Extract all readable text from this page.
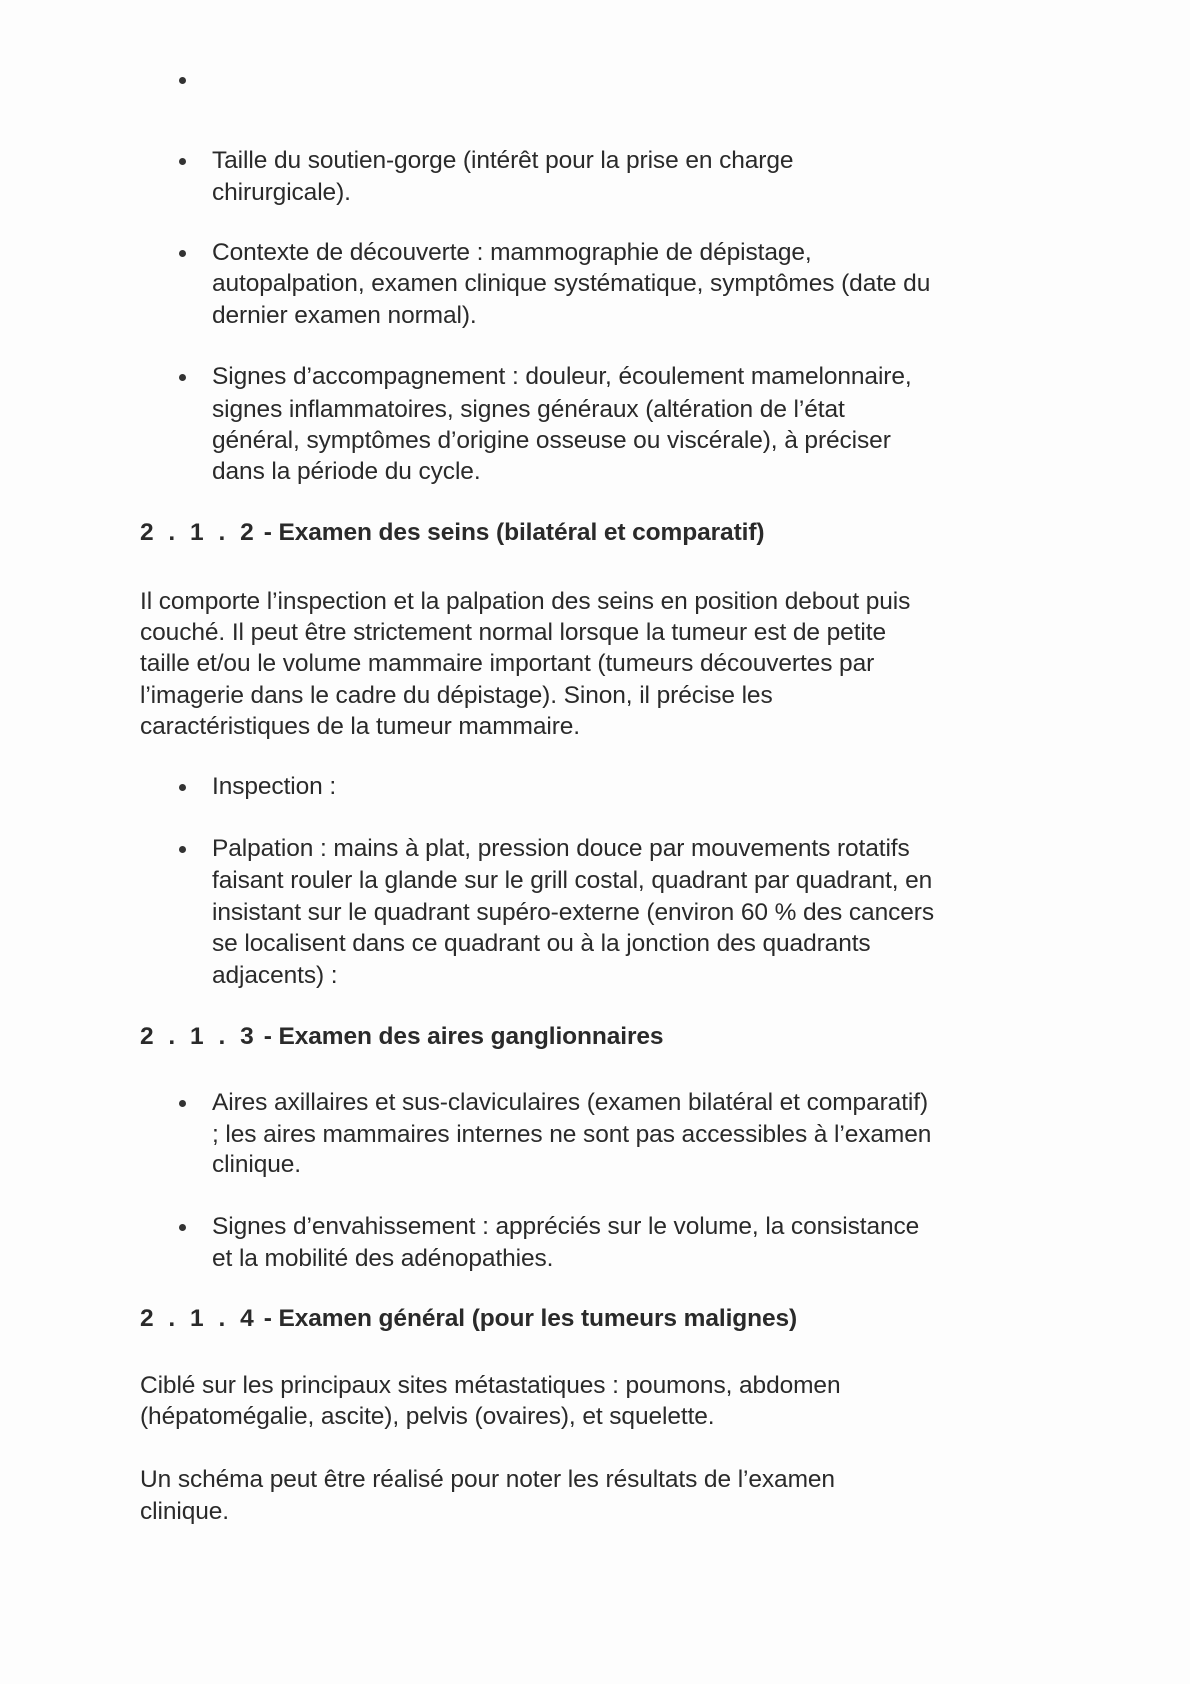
Taille du soutien-gorge (intérêt pour la prise en charge
chirurgicale).
Contexte de découverte : mammographie de dépistage,
autopalpation, examen clinique systématique, symptômes (date du
dernier examen normal).
Signes d’accompagnement : douleur, écoulement mamelonnaire,
signes inflammatoires, signes généraux (altération de l’état
général, symptômes d’origine osseuse ou viscérale), à préciser
dans la période du cycle.
2 . 1 . 2 - Examen des seins (bilatéral et comparatif)
Il comporte l’inspection et la palpation des seins en position debout puis
couché. Il peut être strictement normal lorsque la tumeur est de petite
taille et/ou le volume mammaire important (tumeurs découvertes par
l’imagerie dans le cadre du dépistage). Sinon, il précise les
caractéristiques de la tumeur mammaire.
Inspection :
Palpation : mains à plat, pression douce par mouvements rotatifs
faisant rouler la glande sur le grill costal, quadrant par quadrant, en
insistant sur le quadrant supéro-externe (environ 60 % des cancers
se localisent dans ce quadrant ou à la jonction des quadrants
adjacents) :
2 . 1 . 3 - Examen des aires ganglionnaires
Aires axillaires et sus-claviculaires (examen bilatéral et comparatif)
; les aires mammaires internes ne sont pas accessibles à l’examen
clinique.
Signes d’envahissement : appréciés sur le volume, la consistance
et la mobilité des adénopathies.
2 . 1 . 4 - Examen général (pour les tumeurs malignes)
Ciblé sur les principaux sites métastatiques : poumons, abdomen
(hépatomégalie, ascite), pelvis (ovaires), et squelette.
Un schéma peut être réalisé pour noter les résultats de l’examen
clinique.
